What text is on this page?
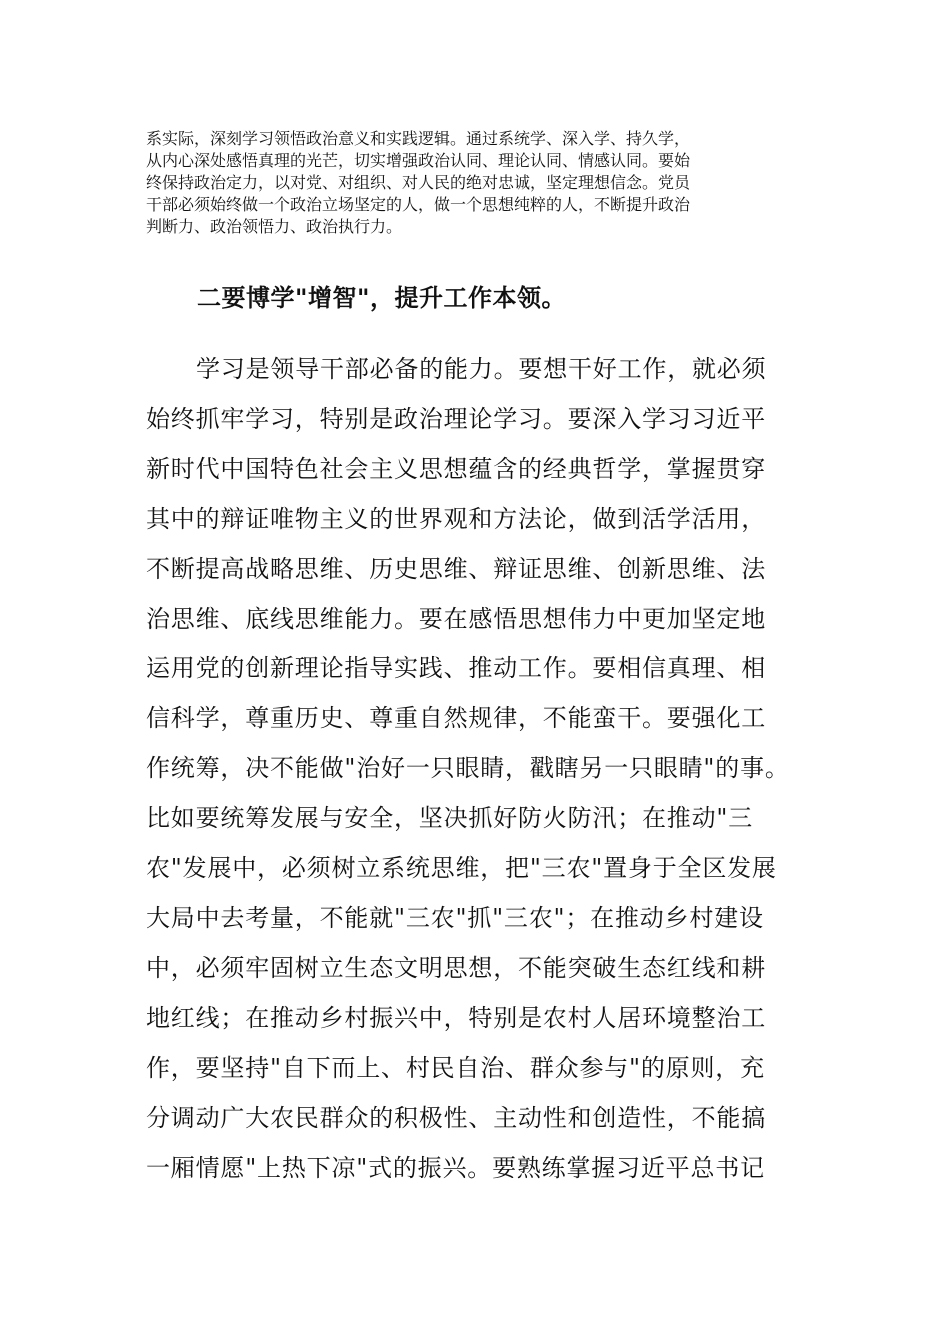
系实际，深刻学习领悟政治意义和实践逻辑。通过系统学、深入学、持久学，
从内心深处感悟真理的光芒，切实增强政治认同、理论认同、情感认同。要始
终保持政治定力，以对党、对组织、对人民的绝对忠诚，坚定理想信念。党员
干部必须始终做一个政治立场坚定的人，做一个思想纯粹的人，不断提升政治
判断力、政治领悟力、政治执行力。
二要博学"增智"，提升工作本领。
学习是领导干部必备的能力。要想干好工作，就必须
始终抓牢学习，特别是政治理论学习。要深入学习习近平
新时代中国特色社会主义思想蕴含的经典哲学，掌握贯穿
其中的辩证唯物主义的世界观和方法论，做到活学活用，
不断提高战略思维、历史思维、辩证思维、创新思维、法
治思维、底线思维能力。要在感悟思想伟力中更加坚定地
运用党的创新理论指导实践、推动工作。要相信真理、相
信科学，尊重历史、尊重自然规律，不能蛮干。要强化工
作统筹，决不能做"治好一只眼睛，戳瞎另一只眼睛"的事。
比如要统筹发展与安全，坚决抓好防火防汛；在推动"三
农"发展中，必须树立系统思维，把"三农"置身于全区发展
大局中去考量，不能就"三农"抓"三农"；在推动乡村建设
中，必须牢固树立生态文明思想，不能突破生态红线和耕
地红线；在推动乡村振兴中，特别是农村人居环境整治工
作，要坚持"自下而上、村民自治、群众参与"的原则，充
分调动广大农民群众的积极性、主动性和创造性，不能搞
一厢情愿"上热下凉"式的振兴。要熟练掌握习近平总书记
